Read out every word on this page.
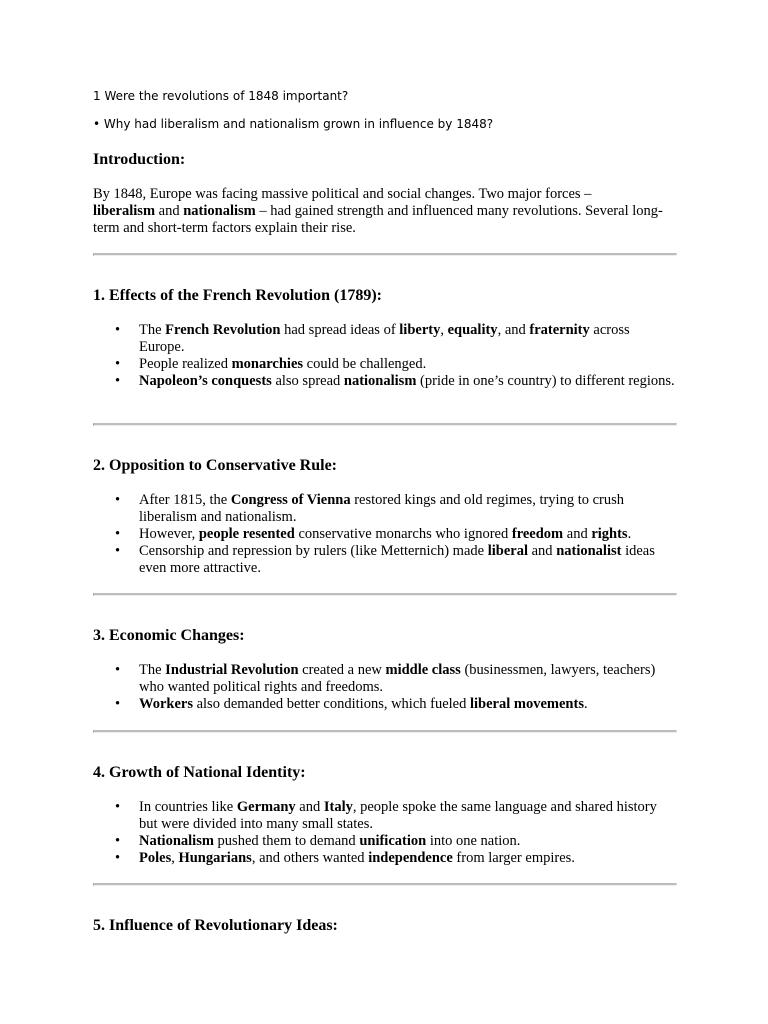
1 Were the revolutions of 1848 important?

• Why had liberalism and nationalism grown in influence by 1848?

Introduction:

By 1848, Europe was facing massive political and social changes. Two major forces –
liberalism and nationalism – had gained strength and influenced many revolutions. Several long-term and short-term factors explain their rise.

1. Effects of the French Revolution (1789):
• The French Revolution had spread ideas of liberty, equality, and fraternity across Europe.
• People realized monarchies could be challenged.
• Napoleon’s conquests also spread nationalism (pride in one’s country) to different regions.
2. Opposition to Conservative Rule:
• After 1815, the Congress of Vienna restored kings and old regimes, trying to crush liberalism and nationalism.
• However, people resented conservative monarchs who ignored freedom and rights.
• Censorship and repression by rulers (like Metternich) made liberal and nationalist ideas even more attractive.
3. Economic Changes:
• The Industrial Revolution created a new middle class (businessmen, lawyers, teachers) who wanted political rights and freedoms.
• Workers also demanded better conditions, which fueled liberal movements.
4. Growth of National Identity:
• In countries like Germany and Italy, people spoke the same language and shared history but were divided into many small states.
• Nationalism pushed them to demand unification into one nation.
• Poles, Hungarians, and others wanted independence from larger empires.
5. Influence of Revolutionary Ideas:
